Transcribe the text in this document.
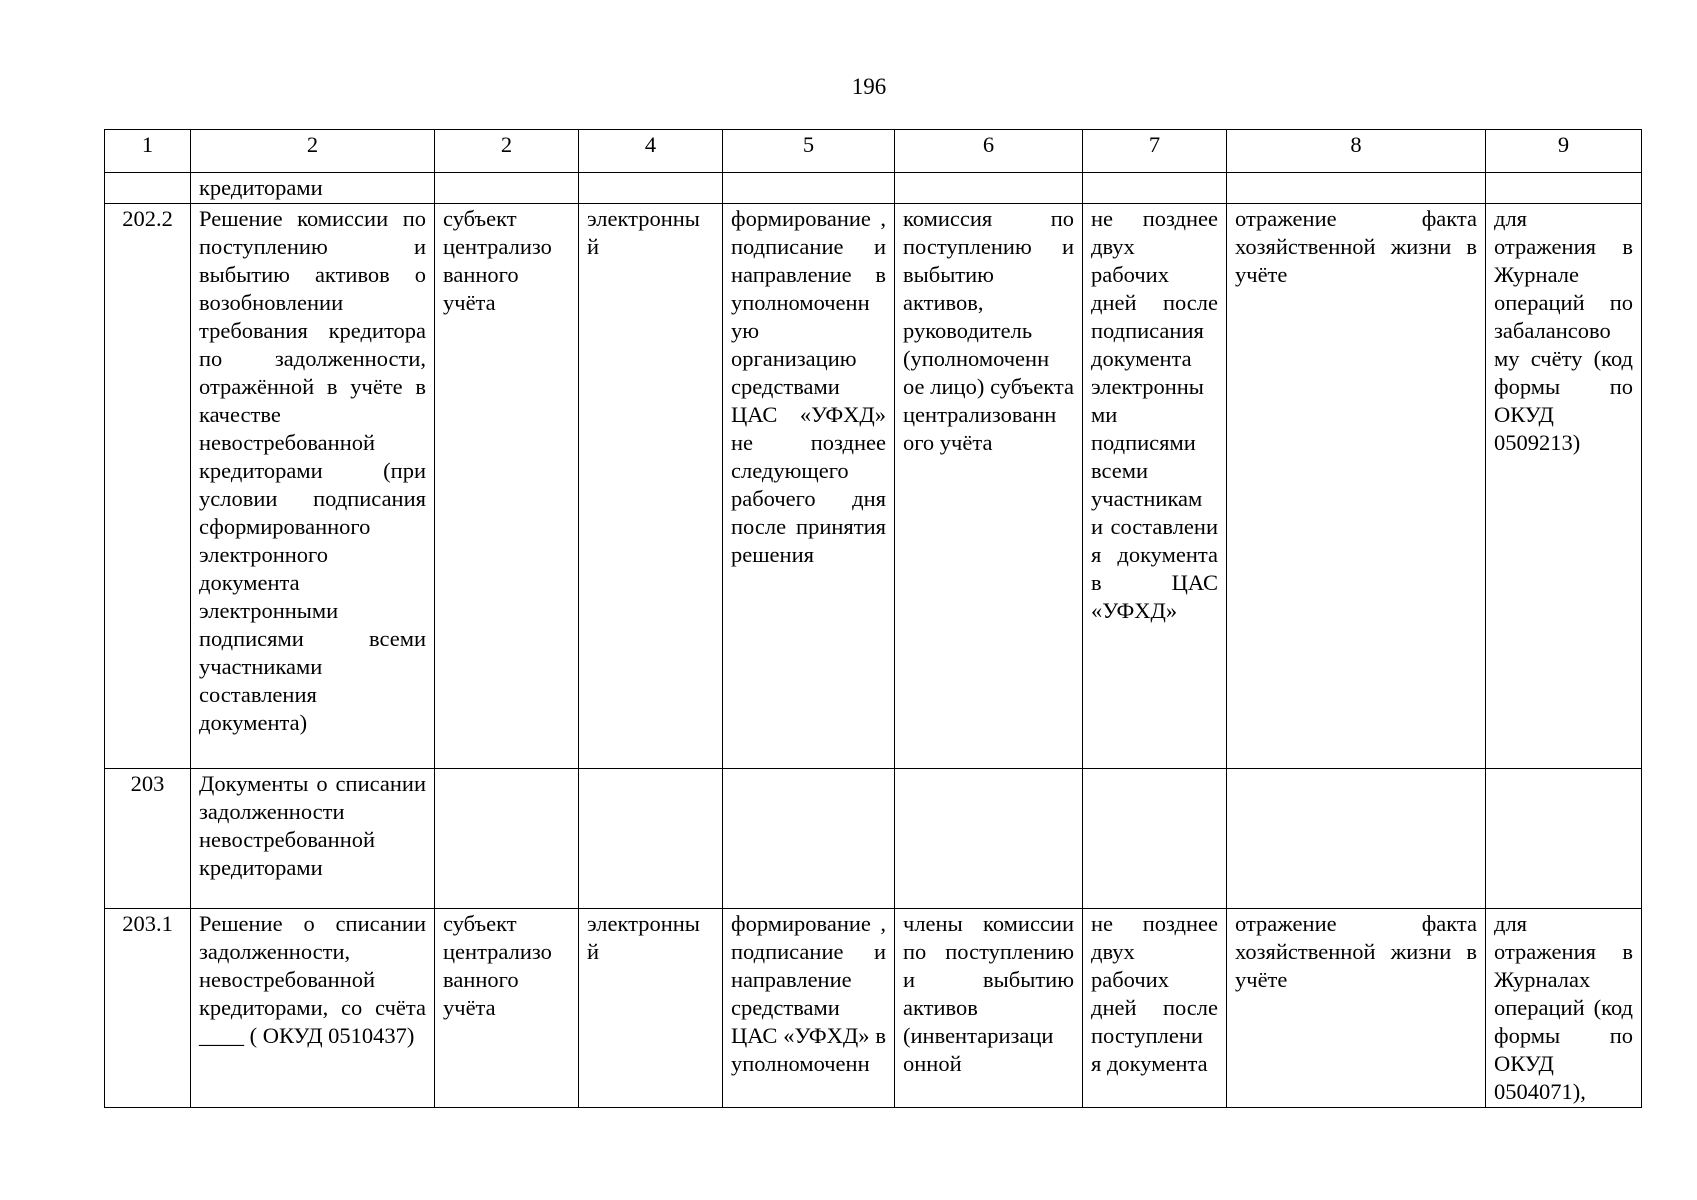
196
1	2	2	4	5	6	7	8	9
	кредиторами							
202.2	Решение комиссии по поступлению и выбытию активов о возобновлении требования кредитора по задолженности, отражённой в учёте в качестве невостребованной кредиторами (при условии подписания сформированного электронного документа электронными подписями всеми участниками составления документа)	субъект централизо ванного учёта	электронны й	формирование , подписание и направление в уполномоченн ую организацию средствами ЦАС «УФХД» не позднее следующего рабочего дня после принятия решения	комиссия по поступлению и выбытию активов, руководитель (уполномоченн ое лицо) субъекта централизованн ого учёта	не позднее двух рабочих дней после подписания документа электронны ми подписями всеми участникам и составлени я документа в ЦАС «УФХД»	отражение факта хозяйственной жизни в учёте	для отражения в Журнале операций по забалансово му счёту (код формы по ОКУД 0509213)
203	Документы о списании задолженности невостребованной кредиторами							
203.1	Решение о списании задолженности, невостребованной кредиторами, со счёта ____ ( ОКУД 0510437)	субъект централизо ванного учёта	электронны й	формирование , подписание и направление средствами ЦАС «УФХД» в уполномоченн	члены комиссии по поступлению и выбытию активов (инвентаризаци онной	не позднее двух рабочих дней после поступлени я документа	отражение факта хозяйственной жизни в учёте	для отражения в Журналах операций (код формы по ОКУД 0504071),
